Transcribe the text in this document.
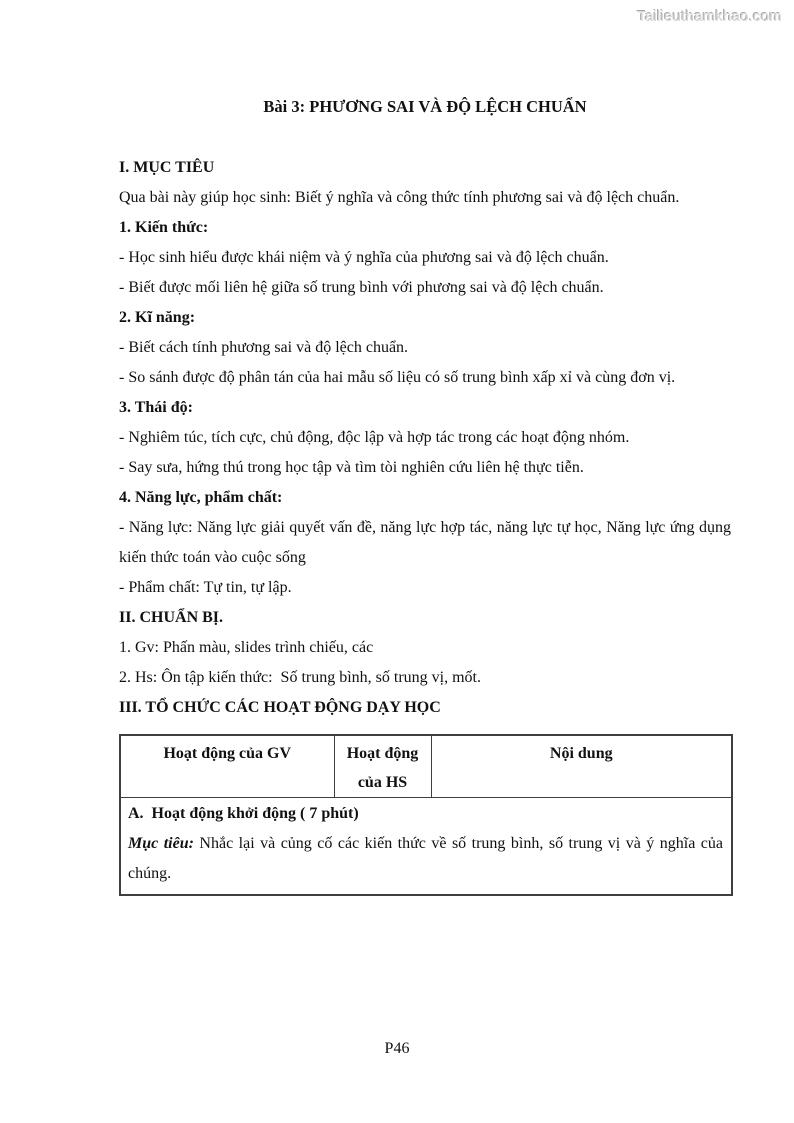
Tailieuthamkhao.com
Bài 3: PHƯƠNG SAI VÀ ĐỘ LỆCH CHUẨN

I. MỤC TIÊU

Qua bài này giúp học sinh: Biết ý nghĩa và công thức tính phương sai và độ lệch chuẩn.

1. Kiến thức:

- Học sinh hiểu được khái niệm và ý nghĩa của phương sai và độ lệch chuẩn.

- Biết được mối liên hệ giữa số trung bình với phương sai và độ lệch chuẩn.

2. Kĩ năng:

- Biết cách tính phương sai và độ lệch chuẩn.

- So sánh được độ phân tán của hai mẫu số liệu có số trung bình xấp xỉ và cùng đơn vị.

3. Thái độ:

- Nghiêm túc, tích cực, chủ động, độc lập và hợp tác trong các hoạt động nhóm.

- Say sưa, hứng thú trong học tập và tìm tòi nghiên cứu liên hệ thực tiễn.

4. Năng lực, phẩm chất:

- Năng lực: Năng lực giải quyết vấn đề, năng lực hợp tác, năng lực tự học, Năng lực ứng dụng kiến thức toán vào cuộc sống

- Phẩm chất: Tự tin, tự lập.

II. CHUẨN BỊ.

1. Gv: Phấn màu, slides trình chiếu, các

2. Hs: Ôn tập kiến thức:  Số trung bình, số trung vị, mốt.

III. TỔ CHỨC CÁC HOẠT ĐỘNG DẠY HỌC

Hoạt động của GV	Hoạt động của HS	Nội dung

A.  Hoạt động khởi động ( 7 phút)

Mục tiêu: Nhắc lại và củng cố các kiến thức về số trung bình, số trung vị và ý nghĩa của chúng.

P46
